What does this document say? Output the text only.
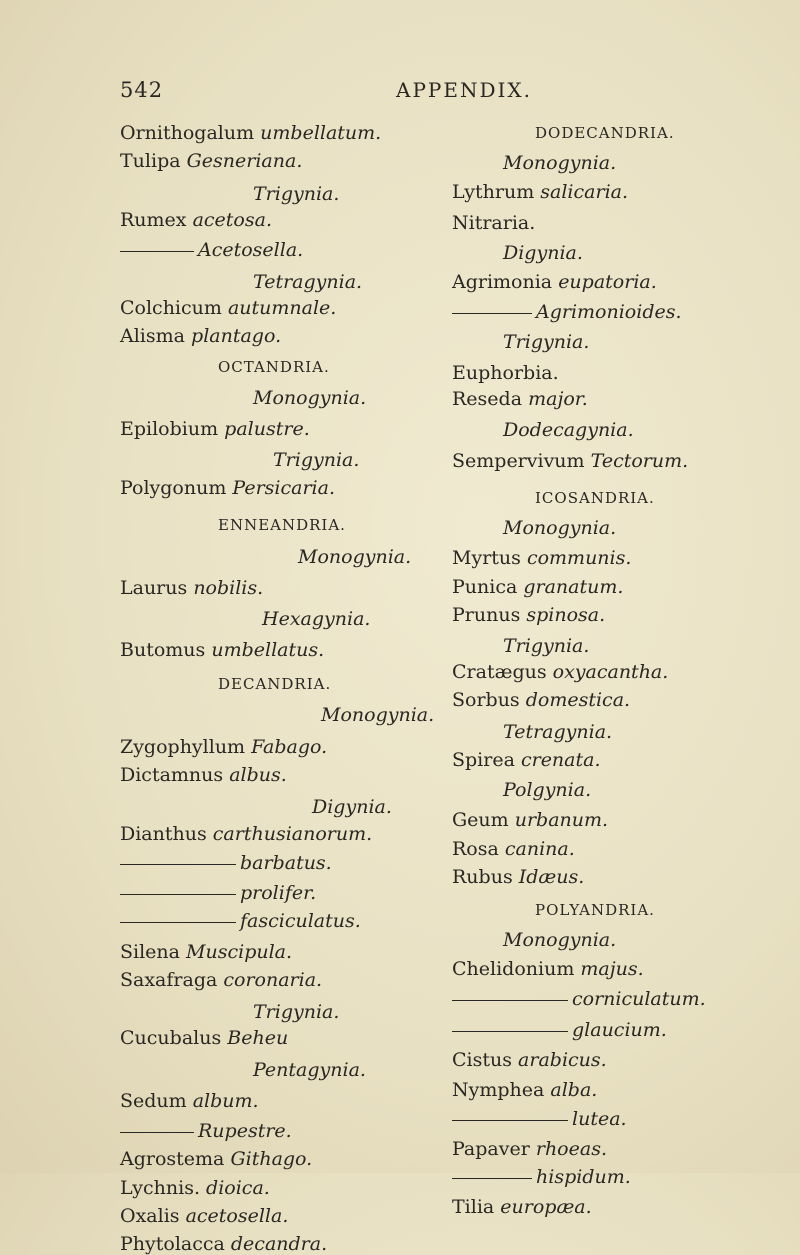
542	APPENDIX.
Ornithogalum umbellatum.
Tulipa Gesneriana.
Trigynia.
Rumex acetosa.
Acetosella.
Tetragynia.
Colchicum autumnale.
Alisma plantago.
OCTANDRIA.
Monogynia.
Epilobium palustre.
Trigynia.
Polygonum Persicaria.
ENNEANDRIA.
Monogynia.
Laurus nobilis.
Hexagynia.
Butomus umbellatus.
DECANDRIA.
Monogynia.
Zygophyllum Fabago.
Dictamnus albus.
Digynia.
Dianthus carthusianorum.
barbatus.
prolifer.
fasciculatus.
Silena Muscipula.
Saxafraga coronaria.
Trigynia.
Cucubalus Beheu
Pentagynia.
Sedum album.
Rupestre.
Agrostema Githago.
Lychnis. dioica.
Oxalis acetosella.
Phytolacca decandra.
DODECANDRIA.
Monogynia.
Lythrum salicaria.
Nitraria.
Digynia.
Agrimonia eupatoria.
Agrimonioides.
Trigynia.
Euphorbia.
Reseda major.
Dodecagynia.
Sempervivum Tectorum.
ICOSANDRIA.
Monogynia.
Myrtus communis.
Punica granatum.
Prunus spinosa.
Trigynia.
Cratægus oxyacantha.
Sorbus domestica.
Tetragynia.
Spirea crenata.
Polgynia.
Geum urbanum.
Rosa canina.
Rubus Idæus.
POLYANDRIA.
Monogynia.
Chelidonium majus.
corniculatum.
glaucium.
Cistus arabicus.
Nymphea alba.
lutea.
Papaver rhoeas.
hispidum.
Tilia europæa.
